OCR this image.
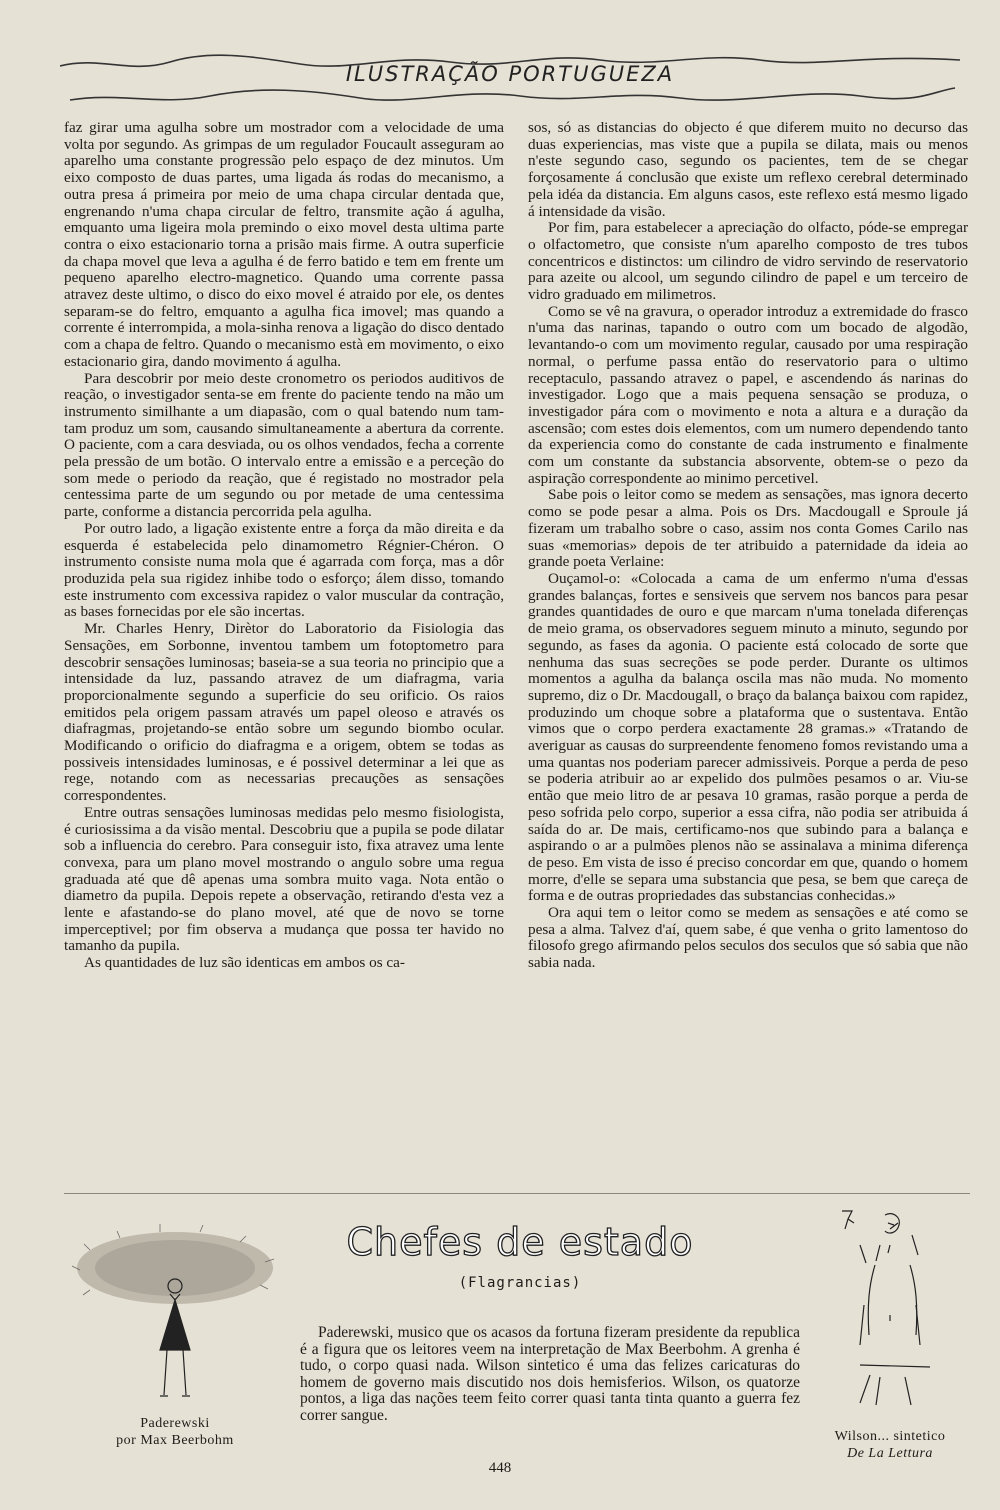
ILUSTRAÇÃO PORTUGUEZA

faz girar uma agulha sobre um mostrador com a velocidade de uma volta por segundo. As grimpas de um regulador Foucault asseguram ao aparelho uma constante progressão pelo espaço de dez minutos. Um eixo composto de duas partes, uma ligada ás rodas do mecanismo, a outra presa á primeira por meio de uma chapa circular dentada que, engrenando n'uma chapa circular de feltro, transmite ação á agulha, emquanto uma ligeira mola premindo o eixo movel desta ultima parte contra o eixo estacionario torna a prisão mais firme. A outra superficie da chapa movel que leva a agulha é de ferro batido e tem em frente um pequeno aparelho electro-magnetico. Quando uma corrente passa atravez deste ultimo, o disco do eixo movel é atraido por ele, os dentes separam-se do feltro, emquanto a agulha fica imovel; mas quando a corrente é interrompida, a mola-sinha renova a ligação do disco dentado com a chapa de feltro. Quando o mecanismo està em movimento, o eixo estacionario gira, dando movimento á agulha.

Para descobrir por meio deste cronometro os periodos auditivos de reação, o investigador senta-se em frente do paciente tendo na mão um instrumento similhante a um diapasão, com o qual batendo num tam-tam produz um som, causando simultaneamente a abertura da corrente. O paciente, com a cara desviada, ou os olhos vendados, fecha a corrente pela pressão de um botão. O intervalo entre a emissão e a perceção do som mede o periodo da reação, que é registado no mostrador pela centessima parte de um segundo ou por metade de uma centessima parte, conforme a distancia percorrida pela agulha.

Por outro lado, a ligação existente entre a força da mão direita e da esquerda é estabelecida pelo dinamometro Régnier-Chéron. O instrumento consiste numa mola que é agarrada com força, mas a dôr produzida pela sua rigidez inhibe todo o esforço; álem disso, tomando este instrumento com excessiva rapidez o valor muscular da contração, as bases fornecidas por ele são incertas.

Mr. Charles Henry, Dirètor do Laboratorio da Fisiologia das Sensações, em Sorbonne, inventou tambem um fotoptometro para descobrir sensações luminosas; baseia-se a sua teoria no principio que a intensidade da luz, passando atravez de um diafragma, varia proporcionalmente segundo a superficie do seu orificio. Os raios emitidos pela origem passam através um papel oleoso e através os diafragmas, projetando-se então sobre um segundo biombo ocular. Modificando o orificio do diafragma e a origem, obtem se todas as possiveis intensidades luminosas, e é possivel determinar a lei que as rege, notando com as necessarias precauções as sensações correspondentes.

Entre outras sensações luminosas medidas pelo mesmo fisiologista, é curiosissima a da visão mental. Descobriu que a pupila se pode dilatar sob a influencia do cerebro. Para conseguir isto, fixa atravez uma lente convexa, para um plano movel mostrando o angulo sobre uma regua graduada até que dê apenas uma sombra muito vaga. Nota então o diametro da pupila. Depois repete a observação, retirando d'esta vez a lente e afastando-se do plano movel, até que de novo se torne imperceptivel; por fim observa a mudança que possa ter havido no tamanho da pupila.

As quantidades de luz são identicas em ambos os ca-

sos, só as distancias do objecto é que diferem muito no decurso das duas experiencias, mas viste que a pupila se dilata, mais ou menos n'este segundo caso, segundo os pacientes, tem de se chegar forçosamente á conclusão que existe um reflexo cerebral determinado pela idéa da distancia. Em alguns casos, este reflexo está mesmo ligado á intensidade da visão.

Por fim, para estabelecer a apreciação do olfacto, póde-se empregar o olfactometro, que consiste n'um aparelho composto de tres tubos concentricos e distinctos: um cilindro de vidro servindo de reservatorio para azeite ou alcool, um segundo cilindro de papel e um terceiro de vidro graduado em milimetros.

Como se vê na gravura, o operador introduz a extremidade do frasco n'uma das narinas, tapando o outro com um bocado de algodão, levantando-o com um movimento regular, causado por uma respiração normal, o perfume passa então do reservatorio para o ultimo receptaculo, passando atravez o papel, e ascendendo ás narinas do investigador. Logo que a mais pequena sensação se produza, o investigador pára com o movimento e nota a altura e a duração da ascensão; com estes dois elementos, com um numero dependendo tanto da experiencia como do constante de cada instrumento e finalmente com um constante da substancia absorvente, obtem-se o pezo da aspiração correspondente ao minimo percetivel.

Sabe pois o leitor como se medem as sensações, mas ignora decerto como se pode pesar a alma. Pois os Drs. Macdougall e Sproule já fizeram um trabalho sobre o caso, assim nos conta Gomes Carilo nas suas «memorias» depois de ter atribuido a paternidade da ideia ao grande poeta Verlaine:

Ouçamol-o: «Colocada a cama de um enfermo n'uma d'essas grandes balanças, fortes e sensiveis que servem nos bancos para pesar grandes quantidades de ouro e que marcam n'uma tonelada diferenças de meio grama, os observadores seguem minuto a minuto, segundo por segundo, as fases da agonia. O paciente está colocado de sorte que nenhuma das suas secreções se pode perder. Durante os ultimos momentos a agulha da balança oscila mas não muda. No momento supremo, diz o Dr. Macdougall, o braço da balança baixou com rapidez, produzindo um choque sobre a plataforma que o sustentava. Então vimos que o corpo perdera exactamente 28 gramas.» «Tratando de averiguar as causas do surpreendente fenomeno fomos revistando uma a uma quantas nos poderiam parecer admissiveis. Porque a perda de peso se poderia atribuir ao ar expelido dos pulmões pesamos o ar. Viu-se então que meio litro de ar pesava 10 gramas, rasão porque a perda de peso sofrida pelo corpo, superior a essa cifra, não podia ser atribuida á saída do ar. De mais, certificamo-nos que subindo para a balança e aspirando o ar a pulmões plenos não se assinalava a minima diferença de peso. Em vista de isso é preciso concordar em que, quando o homem morre, d'elle se separa uma substancia que pesa, se bem que careça de forma e de outras propriedades das substancias conhecidas.»

Ora aqui tem o leitor como se medem as sensações e até como se pesa a alma. Talvez d'aí, quem sabe, é que venha o grito lamentoso do filosofo grego afirmando pelos seculos dos seculos que só sabia que não sabia nada.

Chefes de estado
(Flagrancias)

Paderewski, musico que os acasos da fortuna fizeram presidente da republica é a figura que os leitores veem na interpretação de Max Beerbohm. A grenha é tudo, o corpo quasi nada. Wilson sintetico é uma das felizes caricaturas do homem de governo mais discutido nos dois hemisferios. Wilson, os quatorze pontos, a liga das nações teem feito correr quasi tanta tinta quanto a guerra fez correr sangue.

Paderewski
por Max Beerbohm	Wilson... sintetico
De La Lettura
448
